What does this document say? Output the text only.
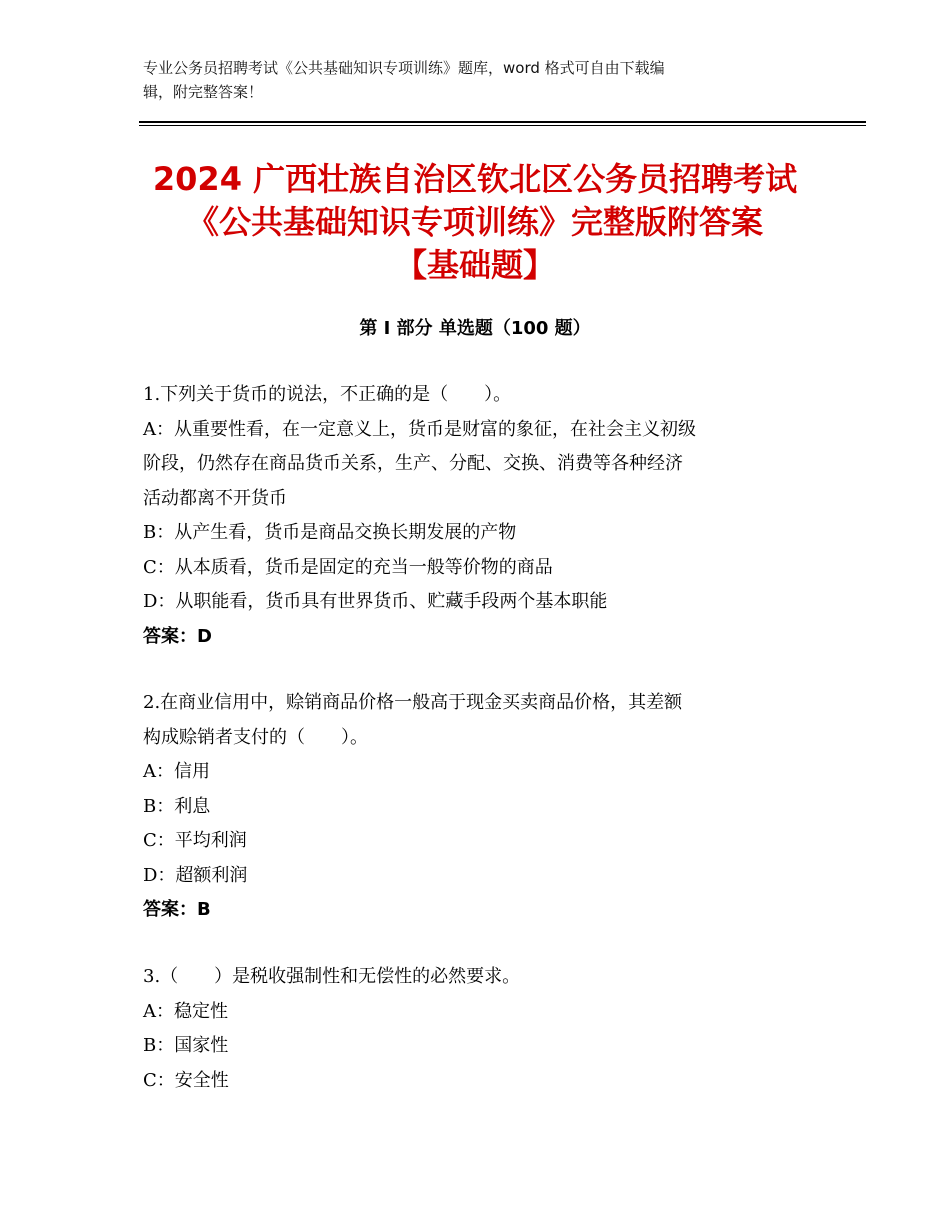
专业公务员招聘考试《公共基础知识专项训练》题库，word 格式可自由下载编
辑，附完整答案！
2024 广西壮族自治区钦北区公务员招聘考试
《公共基础知识专项训练》完整版附答案
【基础题】
第 I 部分 单选题（100 题）
1.下列关于货币的说法，不正确的是（　　）。
A：从重要性看，在一定意义上，货币是财富的象征，在社会主义初级
阶段，仍然存在商品货币关系，生产、分配、交换、消费等各种经济
活动都离不开货币
B：从产生看，货币是商品交换长期发展的产物
C：从本质看，货币是固定的充当一般等价物的商品
D：从职能看，货币具有世界货币、贮藏手段两个基本职能
答案：D
2.在商业信用中，赊销商品价格一般高于现金买卖商品价格，其差额
构成赊销者支付的（　　）。
A：信用
B：利息
C：平均利润
D：超额利润
答案：B
3.（　　）是税收强制性和无偿性的必然要求。
A：稳定性
B：国家性
C：安全性
